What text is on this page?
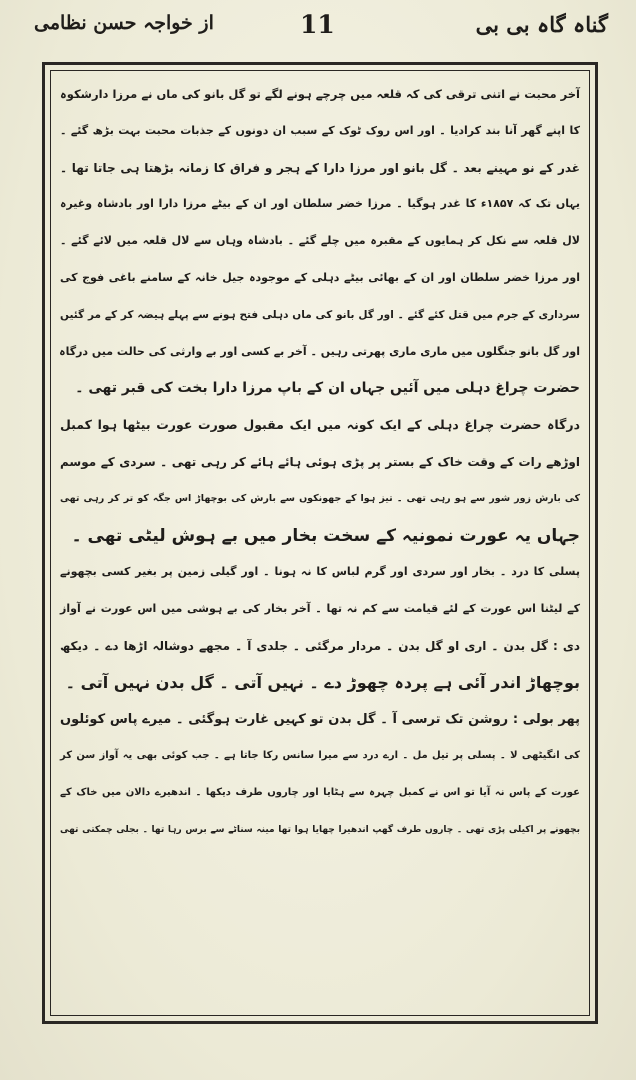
گناہ گاہ بی بی
11
از خواجہ حسن نظامی
آخر محبت نے اتنی ترقی کی کہ قلعہ میں چرچے ہونے لگے تو گل بانو کی ماں نے مرزا دارشکوہ
کا اپنے گھر آنا بند کرادیا ۔ اور اس روک ٹوک کے سبب ان دونوں کے جذبات محبت بہت بڑھ گئے ۔
غدر کے نو مہینے بعد ۔ گل بانو اور مرزا دارا کے ہجر و فراق کا زمانہ بڑھتا ہی جاتا تھا ۔
یہاں تک کہ ۱۸۵۷ء کا غدر ہوگیا ۔ مرزا خضر سلطان اور ان کے بیٹے مرزا دارا اور بادشاہ وغیرہ
لال قلعہ سے نکل کر ہمایوں کے مقبرہ میں چلے گئے ۔ بادشاہ وہاں سے لال قلعہ میں لائے گئے ۔
اور مرزا خضر سلطان اور ان کے بھائی بیٹے دہلی کے موجودہ جیل خانہ کے سامنے باغی فوج کی
سرداری کے جرم میں قتل کئے گئے ۔ اور گل بانو کی ماں دہلی فتح ہونے سے پہلے ہیضہ کر کے مر گئیں
اور گل بانو جنگلوں میں ماری ماری پھرتی رہیں ۔ آخر بے کسی اور بے وارثی کی حالت میں درگاہ
حضرت چراغ دہلی میں آئیں جہاں ان کے باپ مرزا دارا بخت کی قبر تھی ۔
درگاہ حضرت چراغ دہلی کے ایک کونہ میں ایک مقبول صورت عورت بیٹھا ہوا کمبل
اوڑھے رات کے وقت خاک کے بستر پر پڑی ہوئی ہائے ہائے کر رہی تھی ۔ سردی کے موسم
کی بارش زور شور سے ہو رہی تھی ۔ تیز ہوا کے جھونکوں سے بارش کی بوچھاڑ اس جگہ کو تر کر رہی تھی
جہاں یہ عورت نمونیہ کے سخت بخار میں بے ہوش لیٹی تھی ۔
پسلی کا درد ۔ بخار اور سردی اور گرم لباس کا نہ ہونا ۔ اور گیلی زمین پر بغیر کسی بچھونے
کے لیٹنا اس عورت کے لئے قیامت سے کم نہ تھا ۔ آخر بخار کی بے ہوشی میں اس عورت نے آواز
دی : گل بدن ۔ اری او گل بدن ۔ مردار مرگئی ۔ جلدی آ ۔ مجھے دوشالہ اڑھا دے ۔ دیکھ
بوچھاڑ اندر آئی ہے پردہ چھوڑ دے ۔ نہیں آتی ۔ گل بدن نہیں آتی ۔
پھر بولی : روشن تک ترسی آ ۔ گل بدن تو کہیں غارت ہوگئی ۔ میرے پاس کوئلوں
کی انگیٹھی لا ۔ پسلی پر تیل مل ۔ ارے درد سے میرا سانس رکا جاتا ہے ۔ جب کوئی بھی یہ آواز سن کر
عورت کے پاس نہ آیا تو اس نے کمبل چہرہ سے ہٹایا اور چاروں طرف دیکھا ۔ اندھیرے دالان میں خاک کے
بچھونے پر اکیلی پڑی تھی ۔ چاروں طرف گھپ اندھیرا چھایا ہوا تھا مینہ سناٹے سے برس رہا تھا ۔ بجلی چمکتی تھی
